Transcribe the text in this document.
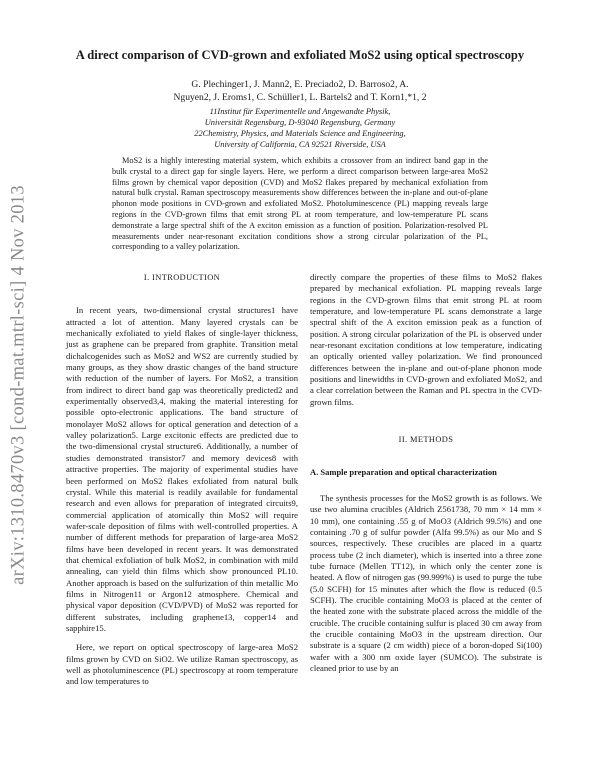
arXiv:1310.8470v3 [cond-mat.mtrl-sci] 4 Nov 2013
A direct comparison of CVD-grown and exfoliated MoS2 using optical spectroscopy
G. Plechinger1, J. Mann2, E. Preciado2, D. Barroso2, A.
Nguyen2, J. Eroms1, C. Schüller1, L. Bartels2 and T. Korn1,*1, 2
11Institut für Experimentelle und Angewandte Physik,
Universität Regensburg, D-93040 Regensburg, Germany
22Chemistry, Physics, and Materials Science and Engineering,
University of California, CA 92521 Riverside, USA
MoS2 is a highly interesting material system, which exhibits a crossover from an indirect band gap in the bulk crystal to a direct gap for single layers. Here, we perform a direct comparison between large-area MoS2 films grown by chemical vapor deposition (CVD) and MoS2 flakes prepared by mechanical exfoliation from natural bulk crystal. Raman spectroscopy measurements show differences between the in-plane and out-of-plane phonon mode positions in CVD-grown and exfoliated MoS2. Photoluminescence (PL) mapping reveals large regions in the CVD-grown films that emit strong PL at room temperature, and low-temperature PL scans demonstrate a large spectral shift of the A exciton emission as a function of position. Polarization-resolved PL measurements under near-resonant excitation conditions show a strong circular polarization of the PL, corresponding to a valley polarization.
I. INTRODUCTION

In recent years, two-dimensional crystal structures1 have attracted a lot of attention. Many layered crystals can be mechanically exfoliated to yield flakes of single-layer thickness, just as graphene can be prepared from graphite. Transition metal dichalcogenides such as MoS2 and WS2 are currently studied by many groups, as they show drastic changes of the band structure with reduction of the number of layers. For MoS2, a transition from indirect to direct band gap was theoretically predicted2 and experimentally observed3,4, making the material interesting for possible opto-electronic applications. The band structure of monolayer MoS2 allows for optical generation and detection of a valley polarization5. Large excitonic effects are predicted due to the two-dimensional crystal structure6. Additionally, a number of studies demonstrated transistor7 and memory devices8 with attractive properties. The majority of experimental studies have been performed on MoS2 flakes exfoliated from natural bulk crystal. While this material is readily available for fundamental research and even allows for preparation of integrated circuits9, commercial application of atomically thin MoS2 will require wafer-scale deposition of films with well-controlled properties. A number of different methods for preparation of large-area MoS2 films have been developed in recent years. It was demonstrated that chemical exfoliation of bulk MoS2, in combination with mild annealing, can yield thin films which show pronounced PL10. Another approach is based on the sulfurization of thin metallic Mo films in Nitrogen11 or Argon12 atmosphere. Chemical and physical vapor deposition (CVD/PVD) of MoS2 was reported for different substrates, including graphene13, copper14 and sapphire15.

Here, we report on optical spectroscopy of large-area MoS2 films grown by CVD on SiO2. We utilize Raman spectroscopy, as well as photoluminescence (PL) spectroscopy at room temperature and low temperatures to

directly compare the properties of these films to MoS2 flakes prepared by mechanical exfoliation. PL mapping reveals large regions in the CVD-grown films that emit strong PL at room temperature, and low-temperature PL scans demonstrate a large spectral shift of the A exciton emission peak as a function of position. A strong circular polarization of the PL is observed under near-resonant excitation conditions at low temperature, indicating an optically oriented valley polarization. We find pronounced differences between the in-plane and out-of-plane phonon mode positions and linewidths in CVD-grown and exfoliated MoS2, and a clear correlation between the Raman and PL spectra in the CVD-grown films.

II. METHODS
A. Sample preparation and optical characterization

The synthesis processes for the MoS2 growth is as follows. We use two alumina crucibles (Aldrich Z561738, 70 mm × 14 mm × 10 mm), one containing .55 g of MoO3 (Aldrich 99.5%) and one containing .70 g of sulfur powder (Alfa 99.5%) as our Mo and S sources, respectively. These crucibles are placed in a quartz process tube (2 inch diameter), which is inserted into a three zone tube furnace (Mellen TT12), in which only the center zone is heated. A flow of nitrogen gas (99.999%) is used to purge the tube (5.0 SCFH) for 15 minutes after which the flow is reduced (0.5 SCFH). The crucible containing MoO3 is placed at the center of the heated zone with the substrate placed across the middle of the crucible. The crucible containing sulfur is placed 30 cm away from the crucible containing MoO3 in the upstream direction. Our substrate is a square (2 cm width) piece of a boron-doped Si(100) wafer with a 300 nm oxide layer (SUMCO). The substrate is cleaned prior to use by an
